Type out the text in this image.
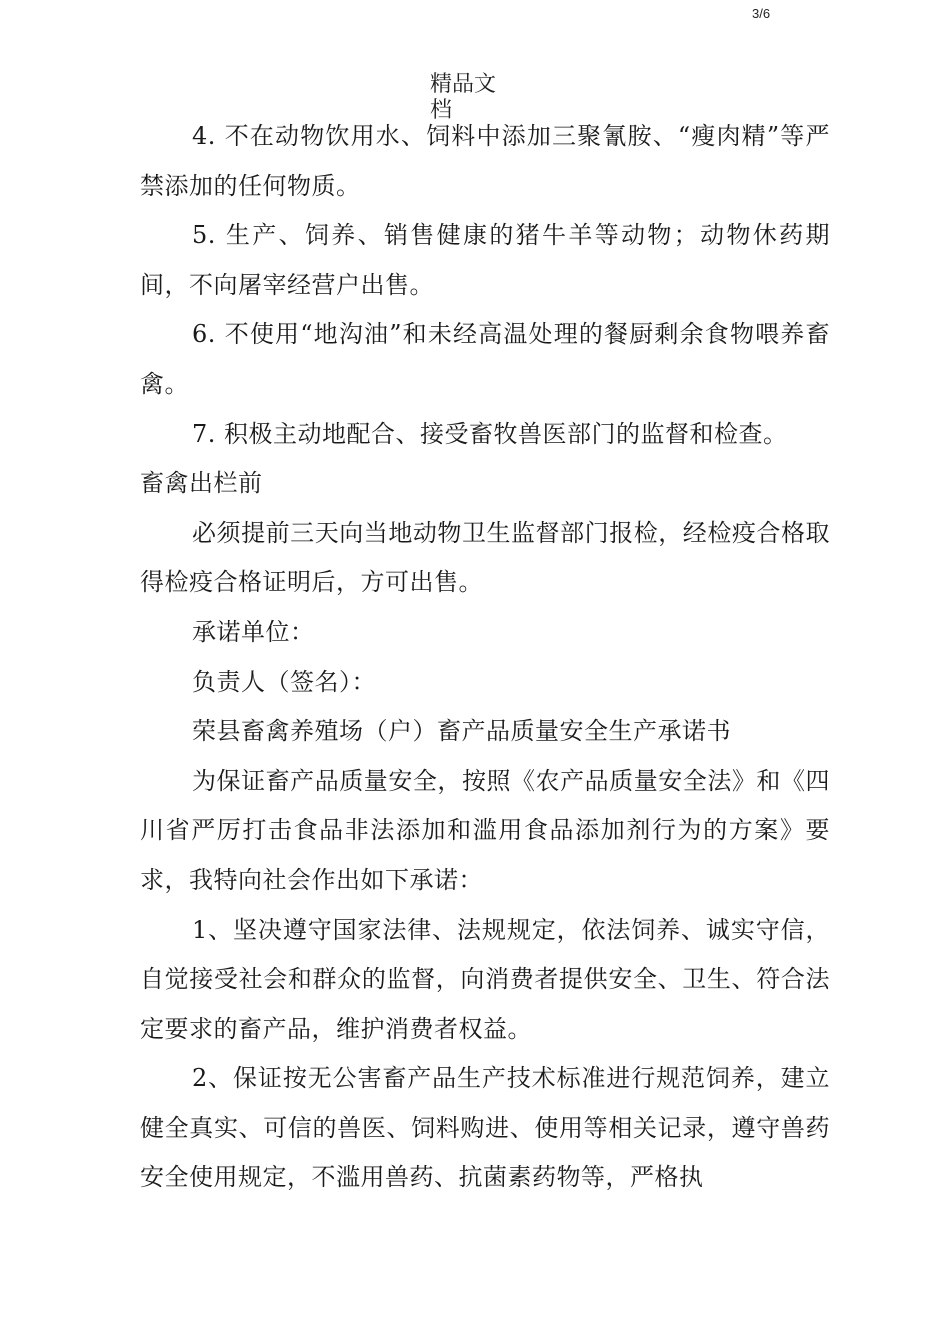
3/6
精品文档

4. 不在动物饮用水、饲料中添加三聚氰胺、“瘦肉精”等严禁添加的任何物质。

5. 生产、饲养、销售健康的猪牛羊等动物；动物休药期间，不向屠宰经营户出售。

6. 不使用“地沟油”和未经高温处理的餐厨剩余食物喂养畜禽。

7. 积极主动地配合、接受畜牧兽医部门的监督和检查。

畜禽出栏前

必须提前三天向当地动物卫生监督部门报检，经检疫合格取得检疫合格证明后，方可出售。

承诺单位：

负责人（签名）：

荣县畜禽养殖场（户）畜产品质量安全生产承诺书

为保证畜产品质量安全，按照《农产品质量安全法》和《四川省严厉打击食品非法添加和滥用食品添加剂行为的方案》要求，我特向社会作出如下承诺：

1、坚决遵守国家法律、法规规定，依法饲养、诚实守信，自觉接受社会和群众的监督，向消费者提供安全、卫生、符合法定要求的畜产品，维护消费者权益。

2、保证按无公害畜产品生产技术标准进行规范饲养，建立健全真实、可信的兽医、饲料购进、使用等相关记录，遵守兽药安全使用规定，不滥用兽药、抗菌素药物等，严格执
